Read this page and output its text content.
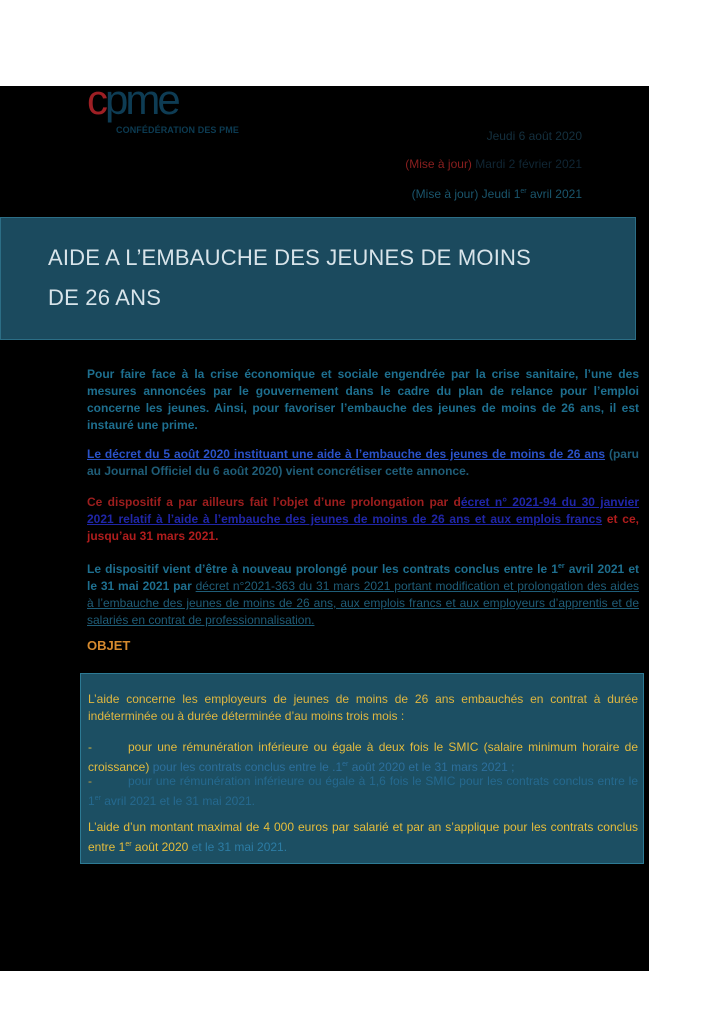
cpme
CONFÉDÉRATION DES PME	Jeudi 6 août 2020
(Mise à jour) Mardi 2 février 2021
(Mise à jour) Jeudi 1er avril 2021
AIDE A L’EMBAUCHE DES JEUNES DE MOINS
DE 26 ANS
Pour faire face à la crise économique et sociale engendrée par la crise sanitaire, l’une des mesures annoncées par le gouvernement dans le cadre du plan de relance pour l’emploi concerne les jeunes. Ainsi, pour favoriser l’embauche des jeunes de moins de 26 ans, il est instauré une prime.
Le décret du 5 août 2020 instituant une aide à l’embauche des jeunes de moins de 26 ans (paru au Journal Officiel du 6 août 2020) vient concrétiser cette annonce.
Ce dispositif a par ailleurs fait l’objet d’une prolongation par décret n° 2021-94 du 30 janvier 2021 relatif à l’aide à l’embauche des jeunes de moins de 26 ans et aux emplois francs et ce, jusqu’au 31 mars 2021.
Le dispositif vient d’être à nouveau prolongé pour les contrats conclus entre le 1er avril 2021 et le 31 mai 2021 par décret n°2021-363 du 31 mars 2021 portant modification et prolongation des aides à l’embauche des jeunes de moins de 26 ans, aux emplois francs et aux employeurs d’apprentis et de salariés en contrat de professionnalisation.
OBJET

L’aide concerne les employeurs de jeunes de moins de 26 ans embauchés en contrat à durée indéterminée ou à durée déterminée d’au moins trois mois :

-	pour une rémunération inférieure ou égale à deux fois le SMIC (salaire minimum horaire de croissance) pour les contrats conclus entre le .1er août 2020 et le 31 mars 2021 ;

-	pour une rémunération inférieure ou égale à 1,6 fois le SMIC pour les contrats conclus entre le 1er avril 2021 et le 31 mai 2021.

L’aide d’un montant maximal de 4 000 euros par salarié et par an s’applique pour les contrats conclus entre 1er août 2020 et le 31 mai 2021.
